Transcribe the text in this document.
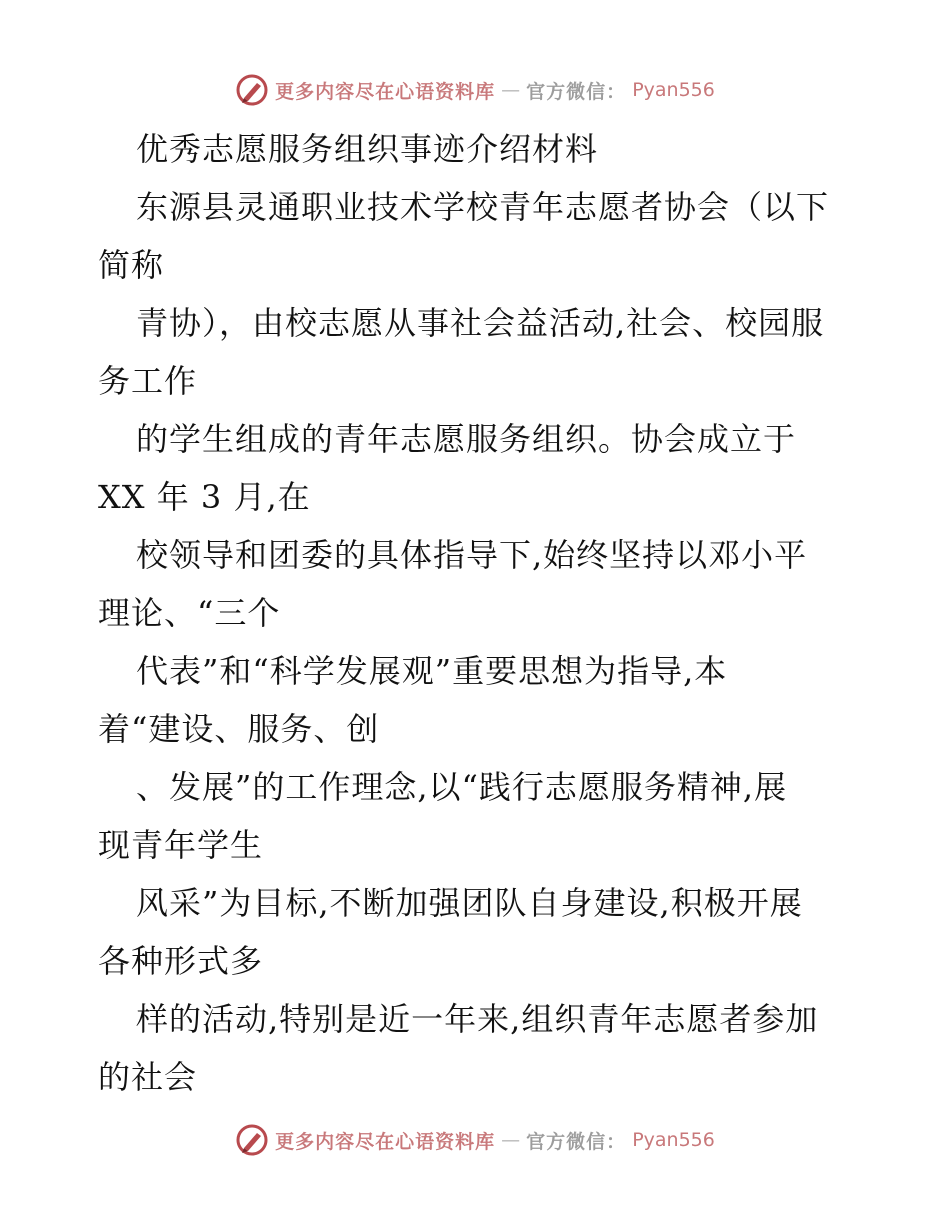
更多内容尽在心语资料库 — 官方微信： Pyan556
优秀志愿服务组织事迹介绍材料
东源县灵通职业技术学校青年志愿者协会（以下
简称
青协），由校志愿从事社会益活动,社会、校园服
务工作
的学生组成的青年志愿服务组织。协会成立于
XX 年 3 月,在
校领导和团委的具体指导下,始终坚持以邓小平
理论、“三个
代表”和“科学发展观”重要思想为指导,本
着“建设、服务、创
、发展”的工作理念,以“践行志愿服务精神,展
现青年学生
风采”为目标,不断加强团队自身建设,积极开展
各种形式多
样的活动,特别是近一年来,组织青年志愿者参加
的社会
更多内容尽在心语资料库 — 官方微信： Pyan556
